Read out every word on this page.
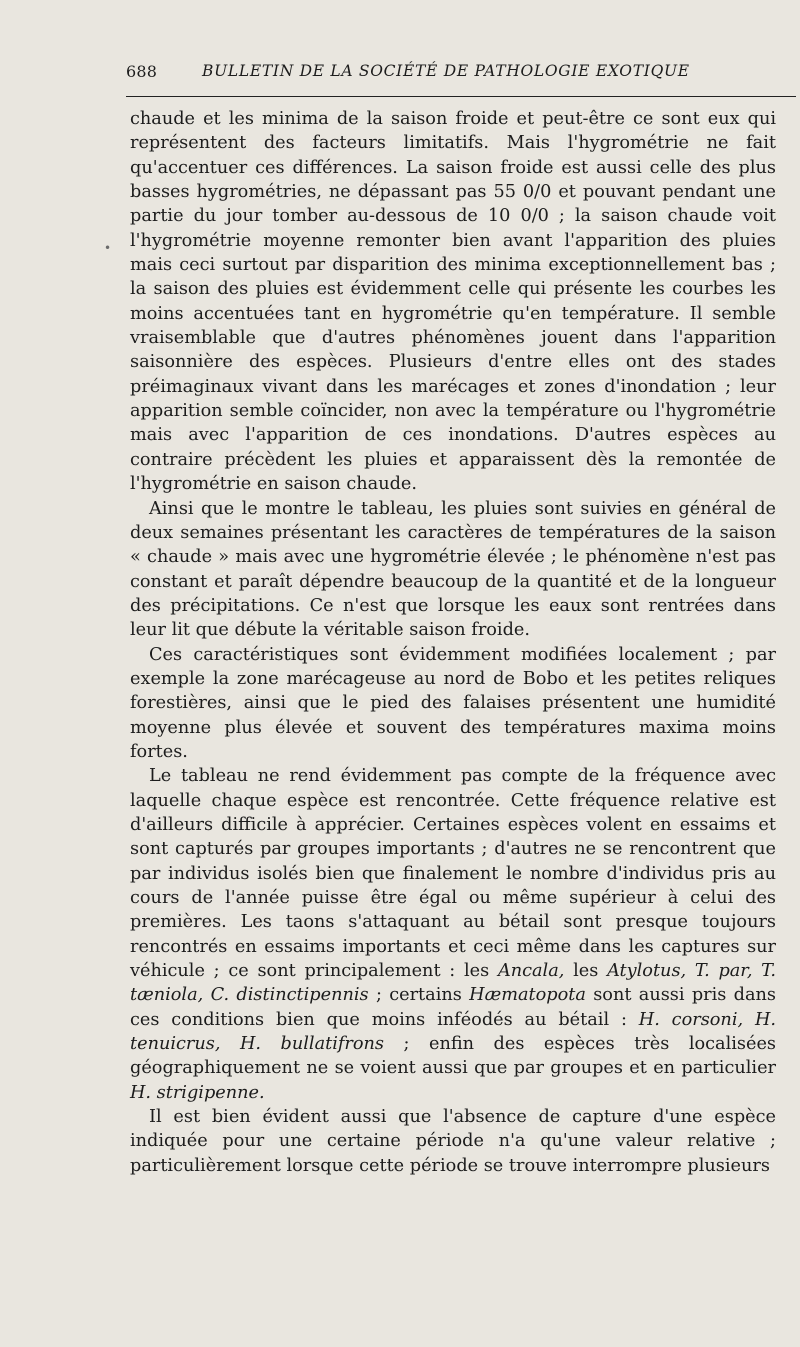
688	BULLETIN DE LA SOCIÉTÉ DE PATHOLOGIE EXOTIQUE
•

chaude et les minima de la saison froide et peut-être ce sont eux qui représentent des facteurs limitatifs. Mais l'hygrométrie ne fait qu'accentuer ces différences. La saison froide est aussi celle des plus basses hygrométries, ne dépassant pas 55 0/0 et pouvant pendant une partie du jour tomber au-dessous de 10 0/0 ; la saison chaude voit l'hygrométrie moyenne remonter bien avant l'apparition des pluies mais ceci surtout par disparition des minima exceptionnellement bas ; la saison des pluies est évidemment celle qui présente les courbes les moins accentuées tant en hygrométrie qu'en température. Il semble vraisemblable que d'autres phénomènes jouent dans l'apparition saisonnière des espèces. Plusieurs d'entre elles ont des stades préimaginaux vivant dans les marécages et zones d'inondation ; leur apparition semble coïncider, non avec la température ou l'hygrométrie mais avec l'apparition de ces inondations. D'autres espèces au contraire précèdent les pluies et apparaissent dès la remontée de l'hygrométrie en saison chaude.

Ainsi que le montre le tableau, les pluies sont suivies en général de deux semaines présentant les caractères de températures de la saison « chaude » mais avec une hygrométrie élevée ; le phénomène n'est pas constant et paraît dépendre beaucoup de la quantité et de la longueur des précipitations. Ce n'est que lorsque les eaux sont rentrées dans leur lit que débute la véritable saison froide.

Ces caractéristiques sont évidemment modifiées localement ; par exemple la zone marécageuse au nord de Bobo et les petites reliques forestières, ainsi que le pied des falaises présentent une humidité moyenne plus élevée et souvent des températures maxima moins fortes.

Le tableau ne rend évidemment pas compte de la fréquence avec laquelle chaque espèce est rencontrée. Cette fréquence relative est d'ailleurs difficile à apprécier. Certaines espèces volent en essaims et sont capturés par groupes importants ; d'autres ne se rencontrent que par individus isolés bien que finalement le nombre d'individus pris au cours de l'année puisse être égal ou même supérieur à celui des premières. Les taons s'attaquant au bétail sont presque toujours rencontrés en essaims importants et ceci même dans les captures sur véhicule ; ce sont principalement : les Ancala, les Atylotus, T. par, T. tæniola, C. distinctipennis ; certains Hæmatopota sont aussi pris dans ces conditions bien que moins inféodés au bétail : H. corsoni, H. tenuicrus, H. bullatifrons ; enfin des espèces très localisées géographiquement ne se voient aussi que par groupes et en particulier H. strigipenne.

Il est bien évident aussi que l'absence de capture d'une espèce indiquée pour une certaine période n'a qu'une valeur relative ; particulièrement lorsque cette période se trouve interrompre plusieurs
